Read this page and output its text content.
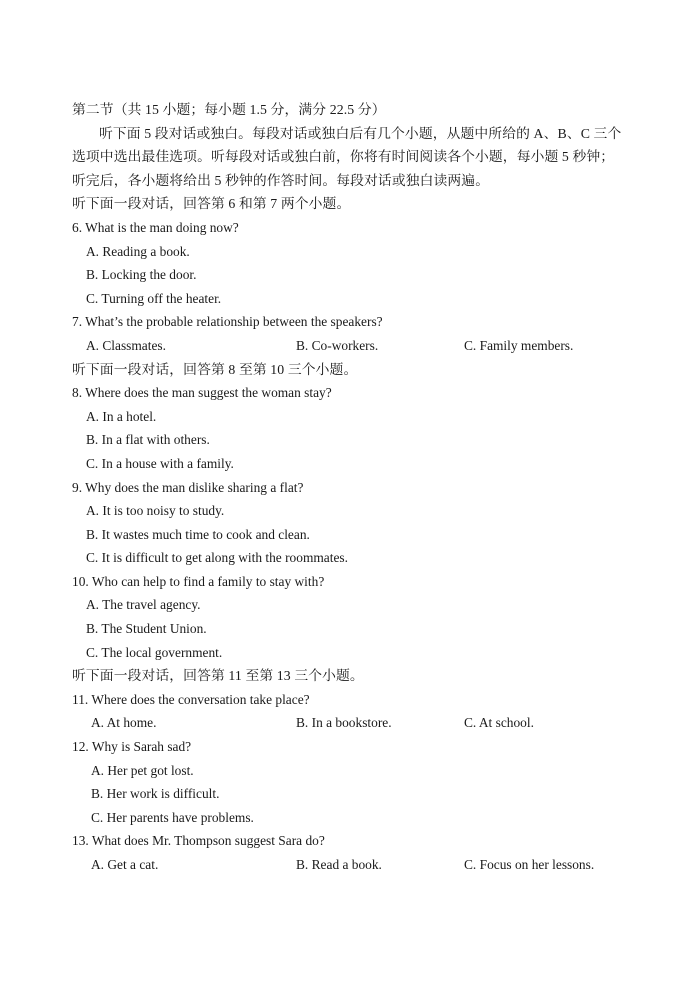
第二节（共 15 小题；每小题 1.5 分，满分 22.5 分）
听下面 5 段对话或独白。每段对话或独白后有几个小题，从题中所给的 A、B、C 三个
选项中选出最佳选项。听每段对话或独白前，你将有时间阅读各个小题，每小题 5 秒钟；
听完后，各小题将给出 5 秒钟的作答时间。每段对话或独白读两遍。
听下面一段对话，回答第 6 和第 7 两个小题。
6. What is the man doing now?
A. Reading a book.
B. Locking the door.
C. Turning off the heater.
7. What’s the probable relationship between the speakers?
A. Classmates.	B. Co-workers.	C. Family members.
听下面一段对话，回答第 8 至第 10 三个小题。
8. Where does the man suggest the woman stay?
A. In a hotel.
B. In a flat with others.
C. In a house with a family.
9. Why does the man dislike sharing a flat?
A. It is too noisy to study.
B. It wastes much time to cook and clean.
C. It is difficult to get along with the roommates.
10. Who can help to find a family to stay with?
A. The travel agency.
B. The Student Union.
C. The local government.
听下面一段对话，回答第 11 至第 13 三个小题。
11. Where does the conversation take place?
A. At home.	B. In a bookstore.	C. At school.
12. Why is Sarah sad?
A. Her pet got lost.
B. Her work is difficult.
C. Her parents have problems.
13. What does Mr. Thompson suggest Sara do?
A. Get a cat.	B. Read a book.	C. Focus on her lessons.
